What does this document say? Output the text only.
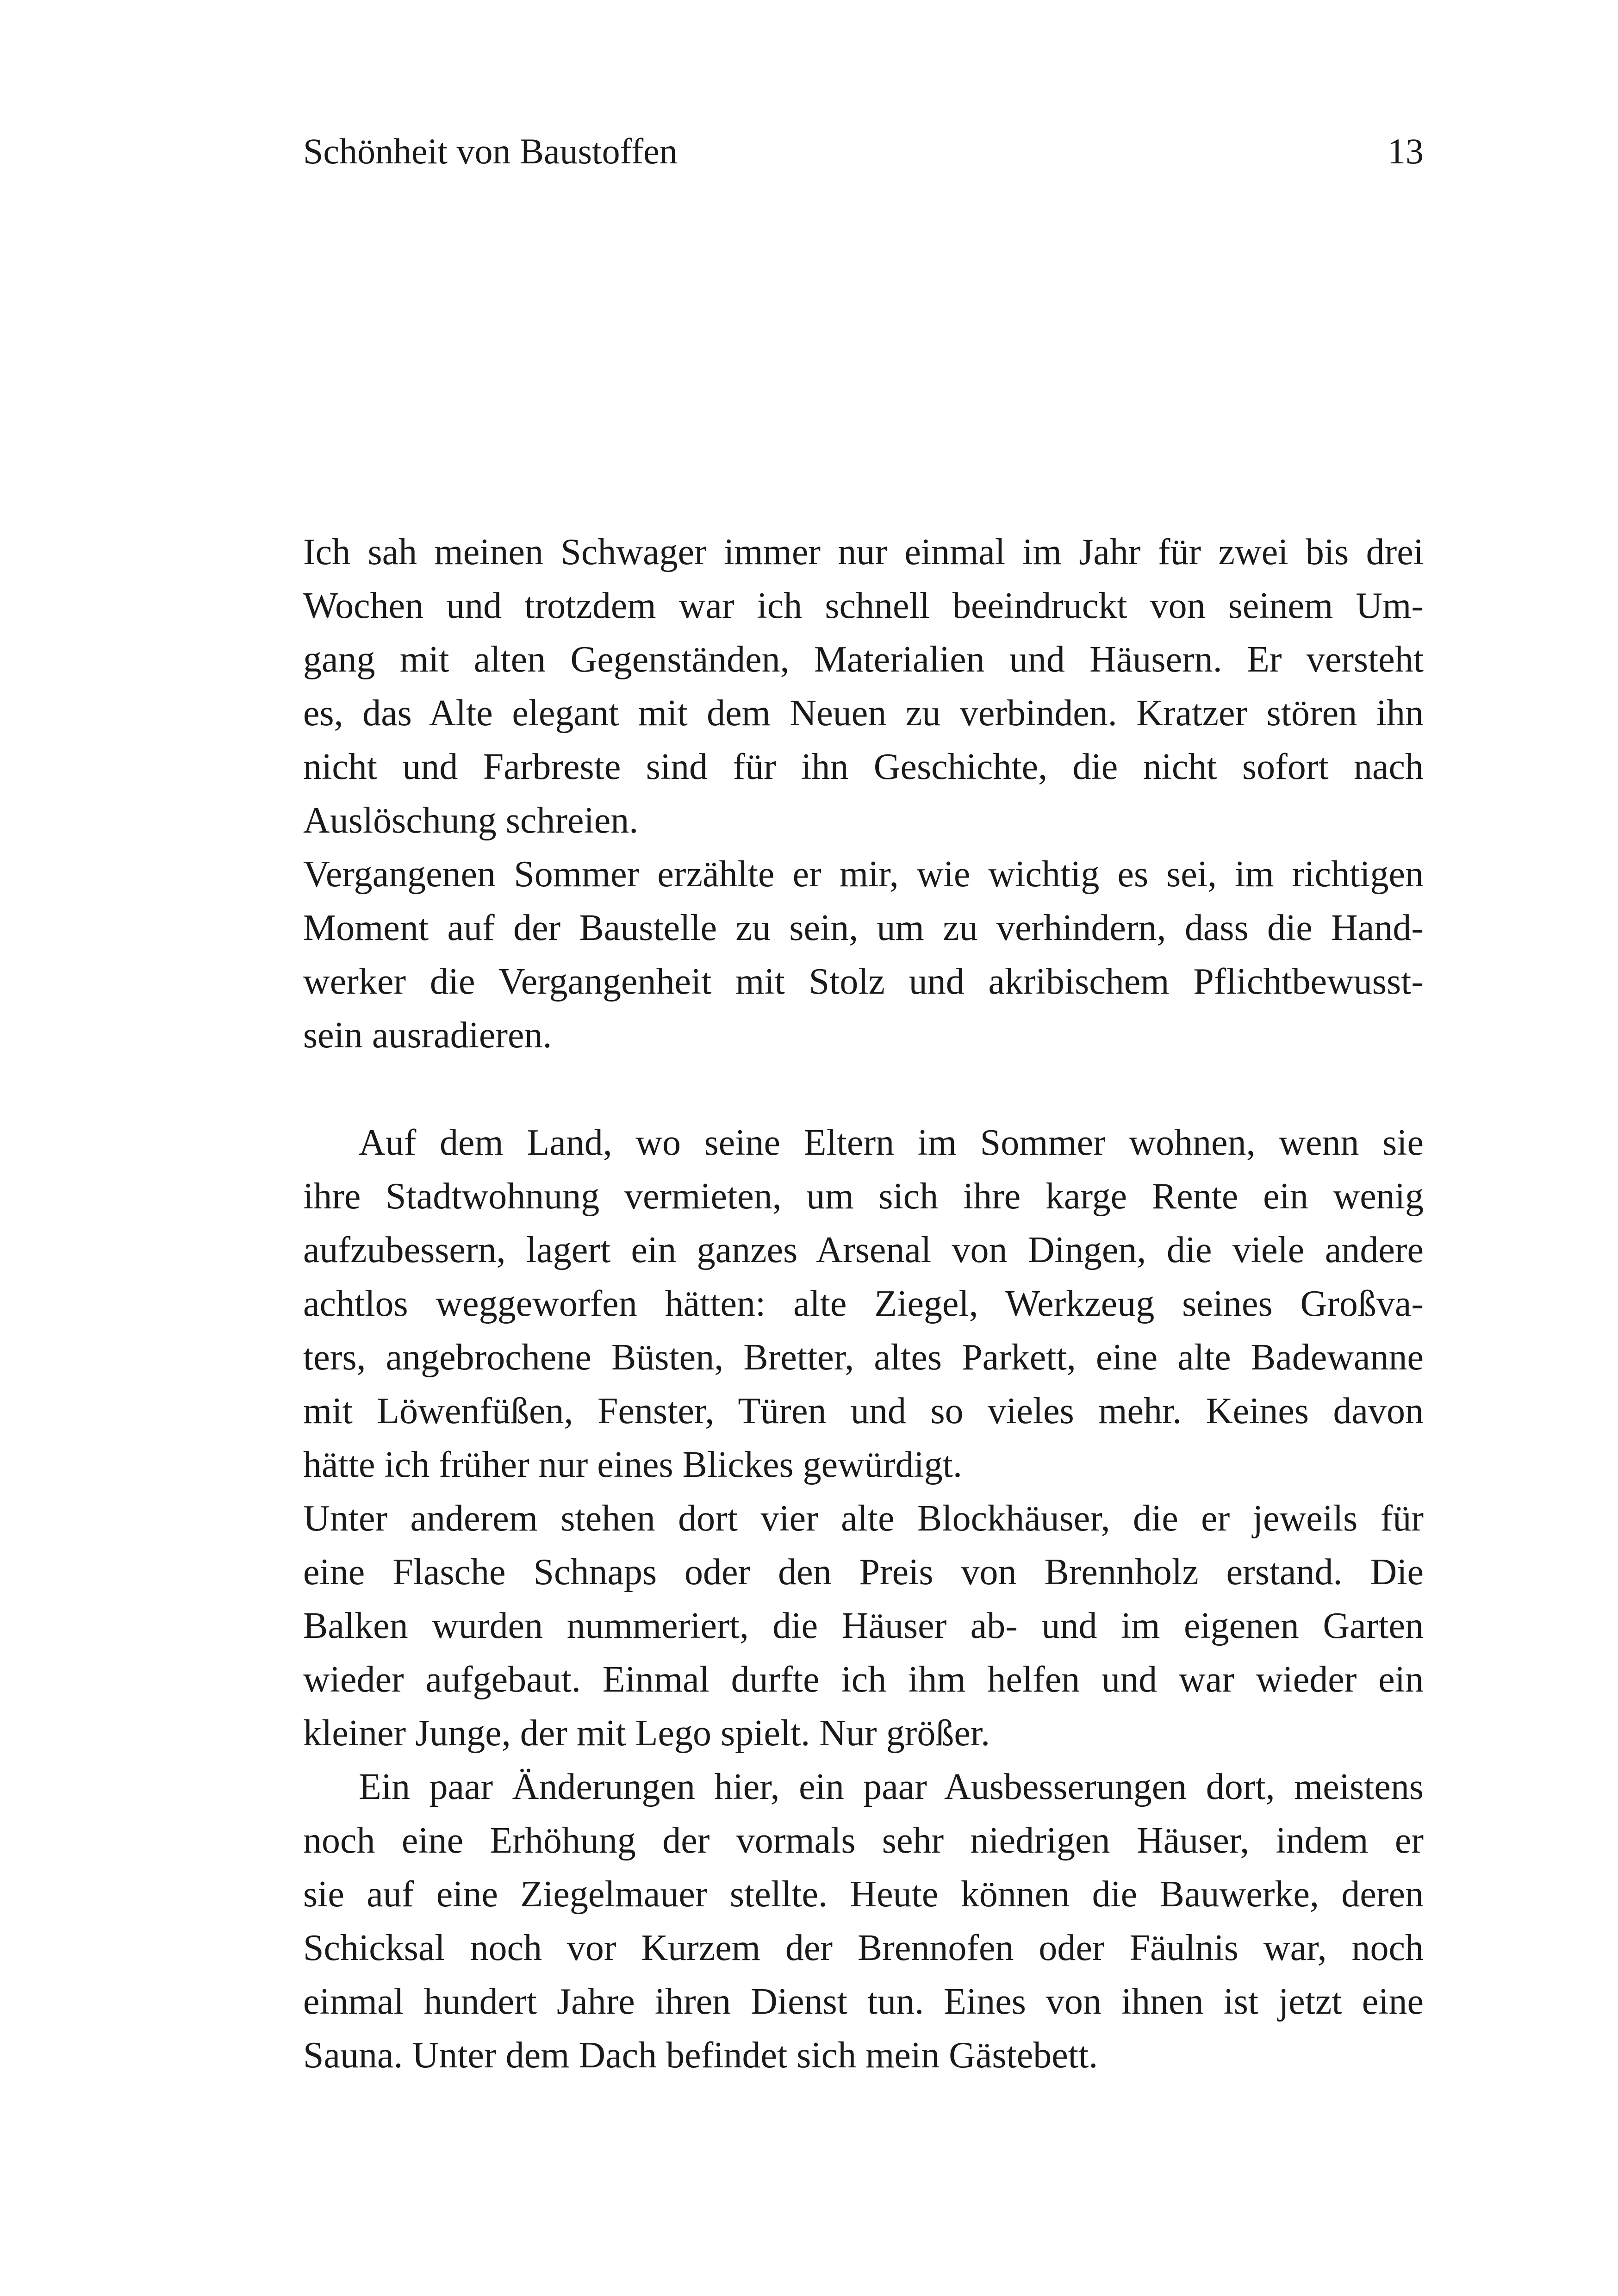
Schönheit von Baustoffen	13
Ich sah meinen Schwager immer nur einmal im Jahr für zwei bis drei
Wochen und trotzdem war ich schnell beeindruckt von seinem Um-
gang mit alten Gegenständen, Materialien und Häusern. Er versteht
es, das Alte elegant mit dem Neuen zu verbinden. Kratzer stören ihn
nicht und Farbreste sind für ihn Geschichte, die nicht sofort nach
Auslöschung schreien.
Vergangenen Sommer erzählte er mir, wie wichtig es sei, im richtigen
Moment auf der Baustelle zu sein, um zu verhindern, dass die Hand-
werker die Vergangenheit mit Stolz und akribischem Pflichtbewusst-
sein ausradieren.
Auf dem Land, wo seine Eltern im Sommer wohnen, wenn sie
ihre Stadtwohnung vermieten, um sich ihre karge Rente ein wenig
aufzubessern, lagert ein ganzes Arsenal von Dingen, die viele andere
achtlos weggeworfen hätten: alte Ziegel, Werkzeug seines Großva-
ters, angebrochene Büsten, Bretter, altes Parkett, eine alte Badewanne
mit Löwenfüßen, Fenster, Türen und so vieles mehr. Keines davon
hätte ich früher nur eines Blickes gewürdigt.
Unter anderem stehen dort vier alte Blockhäuser, die er jeweils für
eine Flasche Schnaps oder den Preis von Brennholz erstand. Die
Balken wurden nummeriert, die Häuser ab- und im eigenen Garten
wieder aufgebaut. Einmal durfte ich ihm helfen und war wieder ein
kleiner Junge, der mit Lego spielt. Nur größer.
Ein paar Änderungen hier, ein paar Ausbesserungen dort, meistens
noch eine Erhöhung der vormals sehr niedrigen Häuser, indem er
sie auf eine Ziegelmauer stellte. Heute können die Bauwerke, deren
Schicksal noch vor Kurzem der Brennofen oder Fäulnis war, noch
einmal hundert Jahre ihren Dienst tun. Eines von ihnen ist jetzt eine
Sauna. Unter dem Dach befindet sich mein Gästebett.
